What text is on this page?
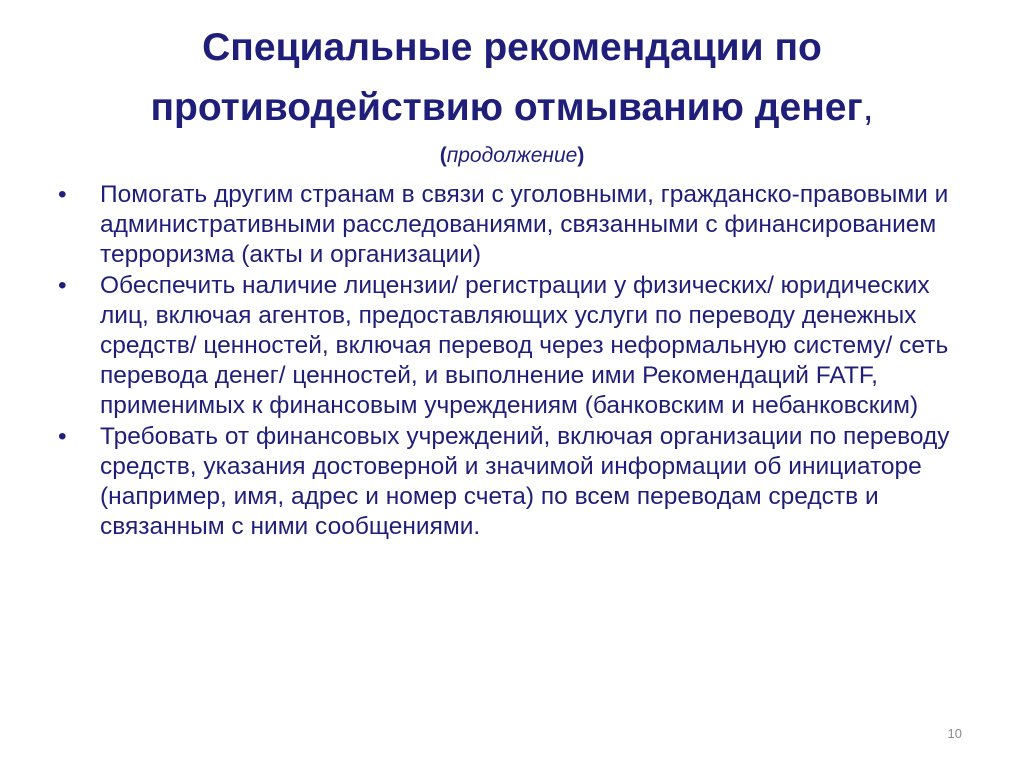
Специальные рекомендации по
противодействию отмыванию денег,
(продолжение)
•	Помогать другим странам в связи с уголовными, гражданско-правовыми и административными расследованиями, связанными с финансированием терроризма (акты и организации)
•	Обеспечить наличие лицензии/ регистрации у физических/ юридических лиц, включая агентов, предоставляющих услуги по переводу денежных средств/ ценностей, включая перевод через неформальную систему/ сеть перевода денег/ ценностей, и выполнение ими Рекомендаций FATF, применимых к финансовым учреждениям (банковским и небанковским)
•	Требовать от финансовых учреждений, включая организации по переводу средств, указания достоверной и значимой информации об инициаторе (например, имя, адрес и номер счета) по всем переводам средств и связанным с ними сообщениями.
10
